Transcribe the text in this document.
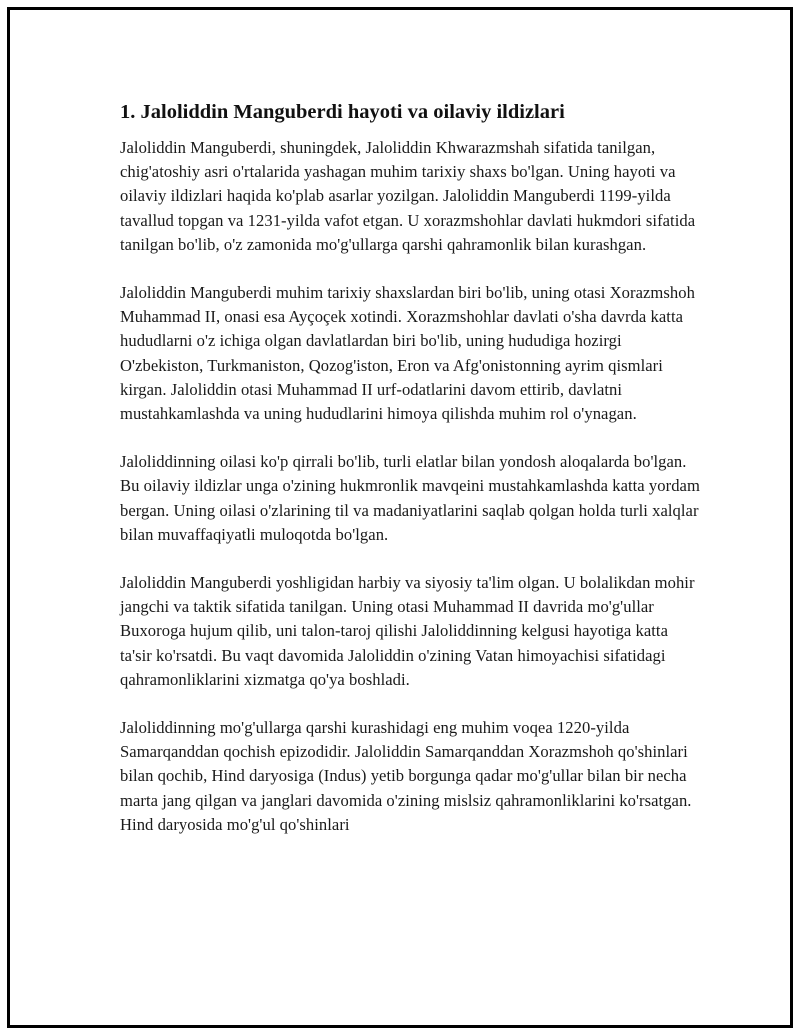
1. Jaloliddin Manguberdi hayoti va oilaviy ildizlari

Jaloliddin Manguberdi, shuningdek, Jaloliddin Khwarazmshah sifatida tanilgan, chig'atoshiy asri o'rtalarida yashagan muhim tarixiy shaxs bo'lgan. Uning hayoti va oilaviy ildizlari haqida ko'plab asarlar yozilgan. Jaloliddin Manguberdi 1199-yilda tavallud topgan va 1231-yilda vafot etgan. U xorazmshohlar davlati hukmdori sifatida tanilgan bo'lib, o'z zamonida mo'g'ullarga qarshi qahramonlik bilan kurashgan.

Jaloliddin Manguberdi muhim tarixiy shaxslardan biri bo'lib, uning otasi Xorazmshoh Muhammad II, onasi esa Ayçoçek xotindi. Xorazmshohlar davlati o'sha davrda katta hududlarni o'z ichiga olgan davlatlardan biri bo'lib, uning hududiga hozirgi O'zbekiston, Turkmaniston, Qozog'iston, Eron va Afg'onistonning ayrim qismlari kirgan. Jaloliddin otasi Muhammad II urf-odatlarini davom ettirib, davlatni mustahkamlashda va uning hududlarini himoya qilishda muhim rol o'ynagan.

Jaloliddinning oilasi ko'p qirrali bo'lib, turli elatlar bilan yondosh aloqalarda bo'lgan. Bu oilaviy ildizlar unga o'zining hukmronlik mavqeini mustahkamlashda katta yordam bergan. Uning oilasi o'zlarining til va madaniyatlarini saqlab qolgan holda turli xalqlar bilan muvaffaqiyatli muloqotda bo'lgan.

Jaloliddin Manguberdi yoshligidan harbiy va siyosiy ta'lim olgan. U bolalikdan mohir jangchi va taktik sifatida tanilgan. Uning otasi Muhammad II davrida mo'g'ullar Buxoroga hujum qilib, uni talon-taroj qilishi Jaloliddinning kelgusi hayotiga katta ta'sir ko'rsatdi. Bu vaqt davomida Jaloliddin o'zining Vatan himoyachisi sifatidagi qahramonliklarini xizmatga qo'ya boshladi.

Jaloliddinning mo'g'ullarga qarshi kurashidagi eng muhim voqea 1220-yilda Samarqanddan qochish epizodidir. Jaloliddin Samarqanddan Xorazmshoh qo'shinlari bilan qochib, Hind daryosiga (Indus) yetib borgunga qadar mo'g'ullar bilan bir necha marta jang qilgan va janglari davomida o'zining mislsiz qahramonliklarini ko'rsatgan. Hind daryosida mo'g'ul qo'shinlari
